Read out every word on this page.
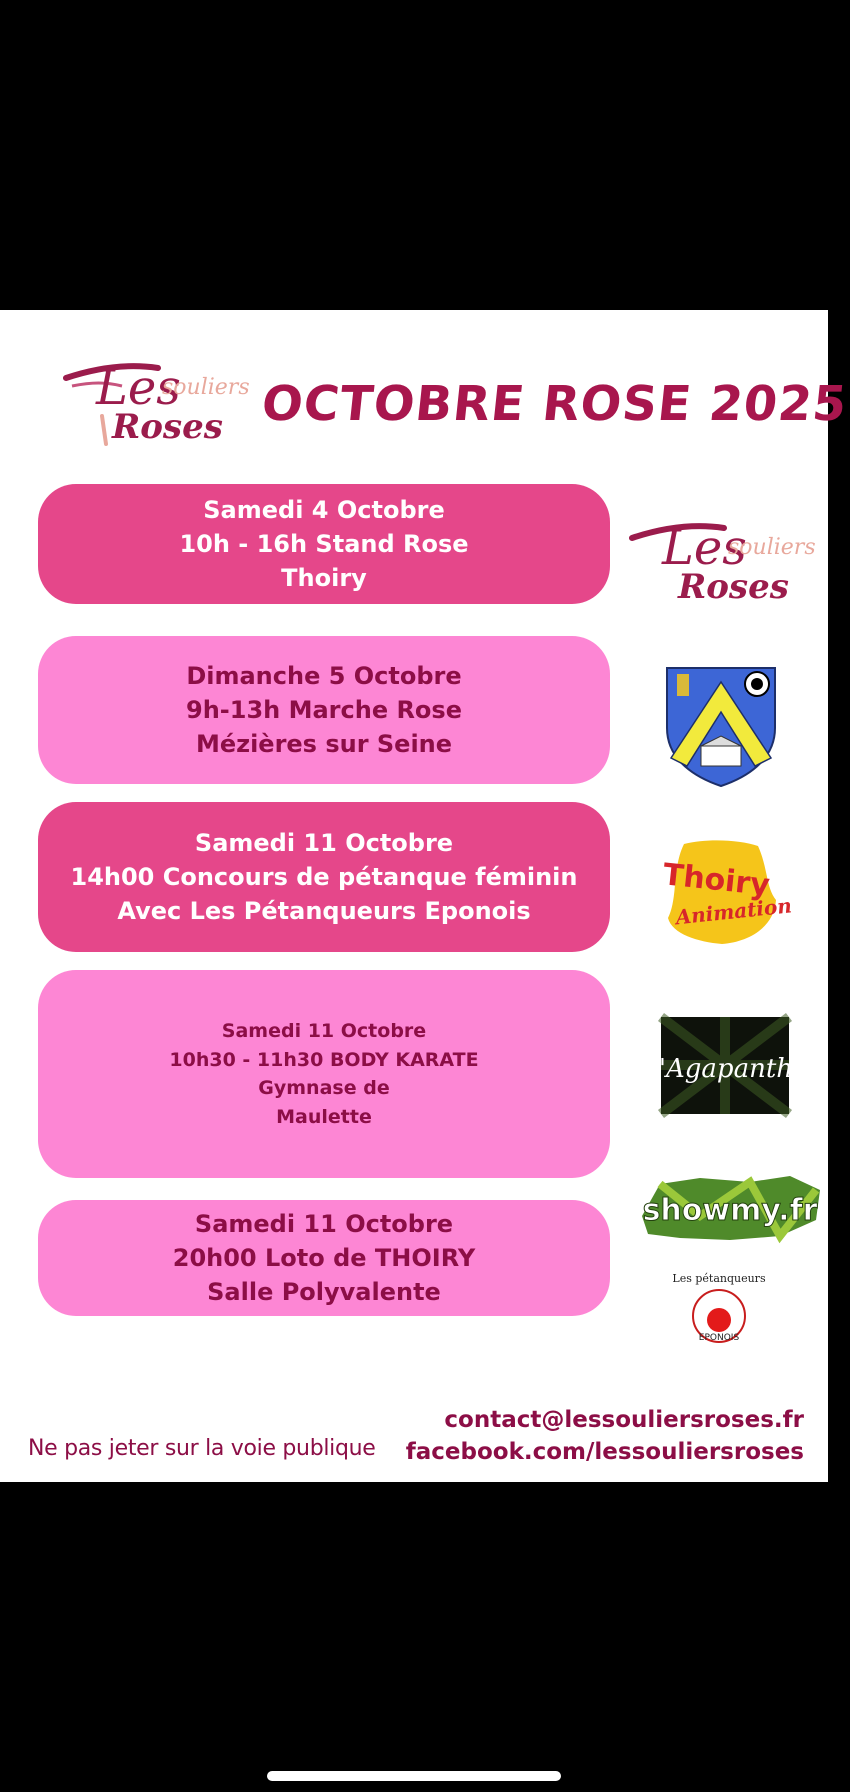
Les
souliers
Roses OCTOBRE ROSE 2025
Samedi 4 Octobre
10h - 16h Stand Rose
Thoiry
Dimanche 5 Octobre
9h-13h Marche Rose
Mézières sur Seine
Samedi 11 Octobre
14h00 Concours de pétanque féminin
Avec Les Pétanqueurs Eponois
Samedi 11 Octobre
10h30 - 11h30 BODY KARATE
Gymnase de
Maulette
Samedi 11 Octobre
20h00 Loto de THOIRY
Salle Polyvalente
Les
souliers
Roses
Thoiry
Animation
L'Agapanthe
showmy.fr
Les pétanqueurs
EPONOIS
Ne pas jeter sur la voie publique
contact@lessouliersroses.fr
facebook.com/lessouliersroses
